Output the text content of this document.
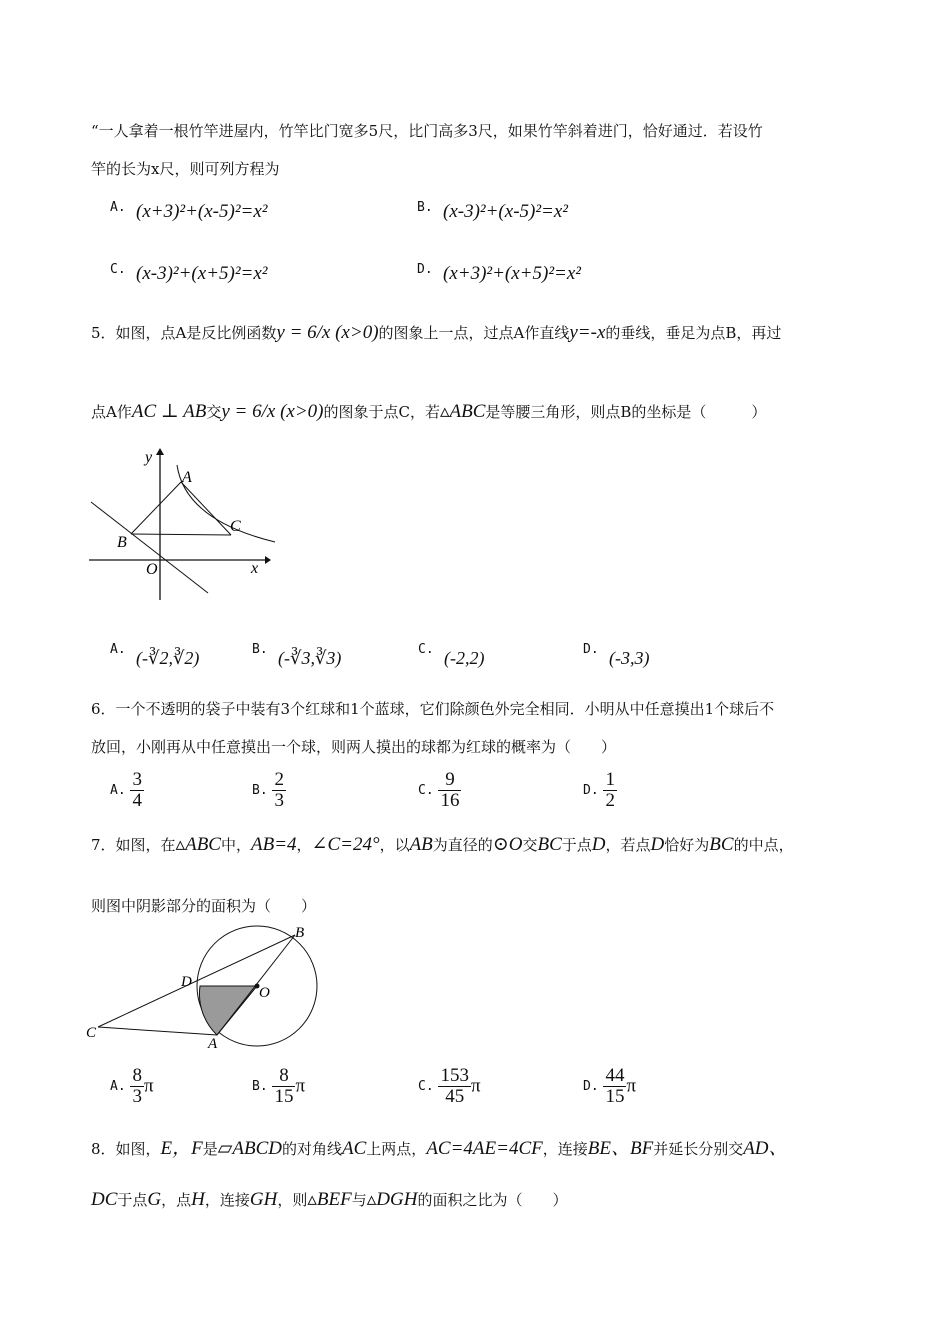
“一人拿着一根竹竿进屋内，竹竿比门宽多5尺，比门高多3尺，如果竹竿斜着进门，恰好通过．若设竹
竿的长为x尺，则可列方程为
A. (x+3)²+(x-5)²=x²	B. (x-3)²+(x-5)²=x²
C. (x-3)²+(x+5)²=x²	D. (x+3)²+(x+5)²=x²
5．如图，点A是反比例函数y = 6/x (x>0)的图象上一点，过点A作直线y=-x的垂线，垂足为点B，再过
点A作AC ⊥ AB交y = 6/x (x>0)的图象于点C，若▵ABC是等腰三角形，则点B的坐标是（　　　）
y
x
A
B
C
O
A. (-∛2,∛2)	B. (-∛3,∛3)	C. (-2,2)	D. (-3,3)
6．一个不透明的袋子中装有3个红球和1个蓝球，它们除颜色外完全相同．小明从中任意摸出1个球后不
放回，小刚再从中任意摸出一个球，则两人摸出的球都为红球的概率为（　　）
A. $\frac{3}{4}$	B. $\frac{2}{3}$	C. $\frac{9}{16}$	D. $\frac{1}{2}$
7．如图，在▵ABC中，AB=4，∠C=24°，以AB为直径的⊙O交BC于点D，若点D恰好为BC的中点，
则图中阴影部分的面积为（　　）
B
D
O
C
A
A. $\frac{8}{3}$ π	B. $\frac{8}{15}$ π	C. $\frac{153}{45}$ π	D. $\frac{44}{15}$ π
8．如图，E，F是▱ABCD的对角线AC上两点，AC=4AE=4CF，连接BE、BF并延长分别交AD、
DC于点G，点H，连接GH，则▵BEF与▵DGH的面积之比为（　　）
